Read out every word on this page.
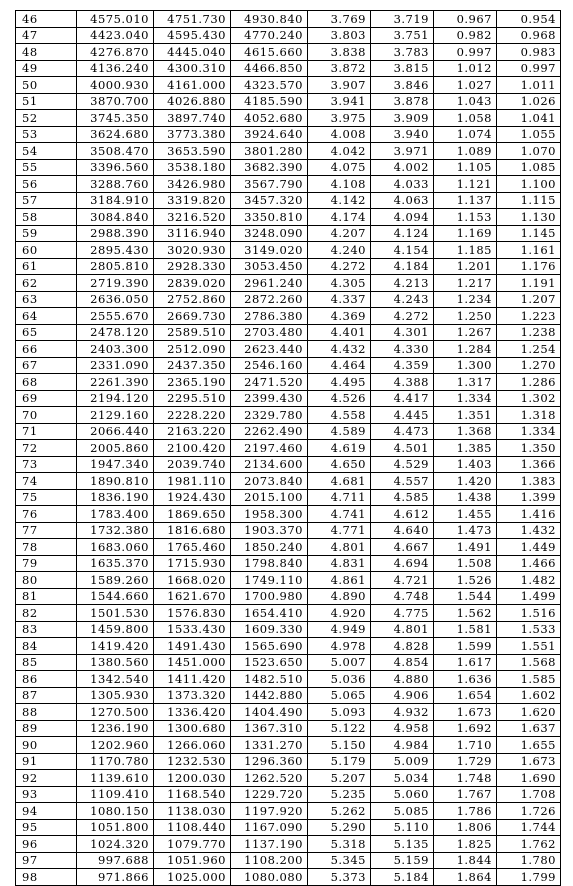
46	4575.010	4751.730	4930.840	3.769	3.719	0.967	0.954
47	4423.040	4595.430	4770.240	3.803	3.751	0.982	0.968
48	4276.870	4445.040	4615.660	3.838	3.783	0.997	0.983
49	4136.240	4300.310	4466.850	3.872	3.815	1.012	0.997
50	4000.930	4161.000	4323.570	3.907	3.846	1.027	1.011
51	3870.700	4026.880	4185.590	3.941	3.878	1.043	1.026
52	3745.350	3897.740	4052.680	3.975	3.909	1.058	1.041
53	3624.680	3773.380	3924.640	4.008	3.940	1.074	1.055
54	3508.470	3653.590	3801.280	4.042	3.971	1.089	1.070
55	3396.560	3538.180	3682.390	4.075	4.002	1.105	1.085
56	3288.760	3426.980	3567.790	4.108	4.033	1.121	1.100
57	3184.910	3319.820	3457.320	4.142	4.063	1.137	1.115
58	3084.840	3216.520	3350.810	4.174	4.094	1.153	1.130
59	2988.390	3116.940	3248.090	4.207	4.124	1.169	1.145
60	2895.430	3020.930	3149.020	4.240	4.154	1.185	1.161
61	2805.810	2928.330	3053.450	4.272	4.184	1.201	1.176
62	2719.390	2839.020	2961.240	4.305	4.213	1.217	1.191
63	2636.050	2752.860	2872.260	4.337	4.243	1.234	1.207
64	2555.670	2669.730	2786.380	4.369	4.272	1.250	1.223
65	2478.120	2589.510	2703.480	4.401	4.301	1.267	1.238
66	2403.300	2512.090	2623.440	4.432	4.330	1.284	1.254
67	2331.090	2437.350	2546.160	4.464	4.359	1.300	1.270
68	2261.390	2365.190	2471.520	4.495	4.388	1.317	1.286
69	2194.120	2295.510	2399.430	4.526	4.417	1.334	1.302
70	2129.160	2228.220	2329.780	4.558	4.445	1.351	1.318
71	2066.440	2163.220	2262.490	4.589	4.473	1.368	1.334
72	2005.860	2100.420	2197.460	4.619	4.501	1.385	1.350
73	1947.340	2039.740	2134.600	4.650	4.529	1.403	1.366
74	1890.810	1981.110	2073.840	4.681	4.557	1.420	1.383
75	1836.190	1924.430	2015.100	4.711	4.585	1.438	1.399
76	1783.400	1869.650	1958.300	4.741	4.612	1.455	1.416
77	1732.380	1816.680	1903.370	4.771	4.640	1.473	1.432
78	1683.060	1765.460	1850.240	4.801	4.667	1.491	1.449
79	1635.370	1715.930	1798.840	4.831	4.694	1.508	1.466
80	1589.260	1668.020	1749.110	4.861	4.721	1.526	1.482
81	1544.660	1621.670	1700.980	4.890	4.748	1.544	1.499
82	1501.530	1576.830	1654.410	4.920	4.775	1.562	1.516
83	1459.800	1533.430	1609.330	4.949	4.801	1.581	1.533
84	1419.420	1491.430	1565.690	4.978	4.828	1.599	1.551
85	1380.560	1451.000	1523.650	5.007	4.854	1.617	1.568
86	1342.540	1411.420	1482.510	5.036	4.880	1.636	1.585
87	1305.930	1373.320	1442.880	5.065	4.906	1.654	1.602
88	1270.500	1336.420	1404.490	5.093	4.932	1.673	1.620
89	1236.190	1300.680	1367.310	5.122	4.958	1.692	1.637
90	1202.960	1266.060	1331.270	5.150	4.984	1.710	1.655
91	1170.780	1232.530	1296.360	5.179	5.009	1.729	1.673
92	1139.610	1200.030	1262.520	5.207	5.034	1.748	1.690
93	1109.410	1168.540	1229.720	5.235	5.060	1.767	1.708
94	1080.150	1138.030	1197.920	5.262	5.085	1.786	1.726
95	1051.800	1108.440	1167.090	5.290	5.110	1.806	1.744
96	1024.320	1079.770	1137.190	5.318	5.135	1.825	1.762
97	997.688	1051.960	1108.200	5.345	5.159	1.844	1.780
98	971.866	1025.000	1080.080	5.373	5.184	1.864	1.799
